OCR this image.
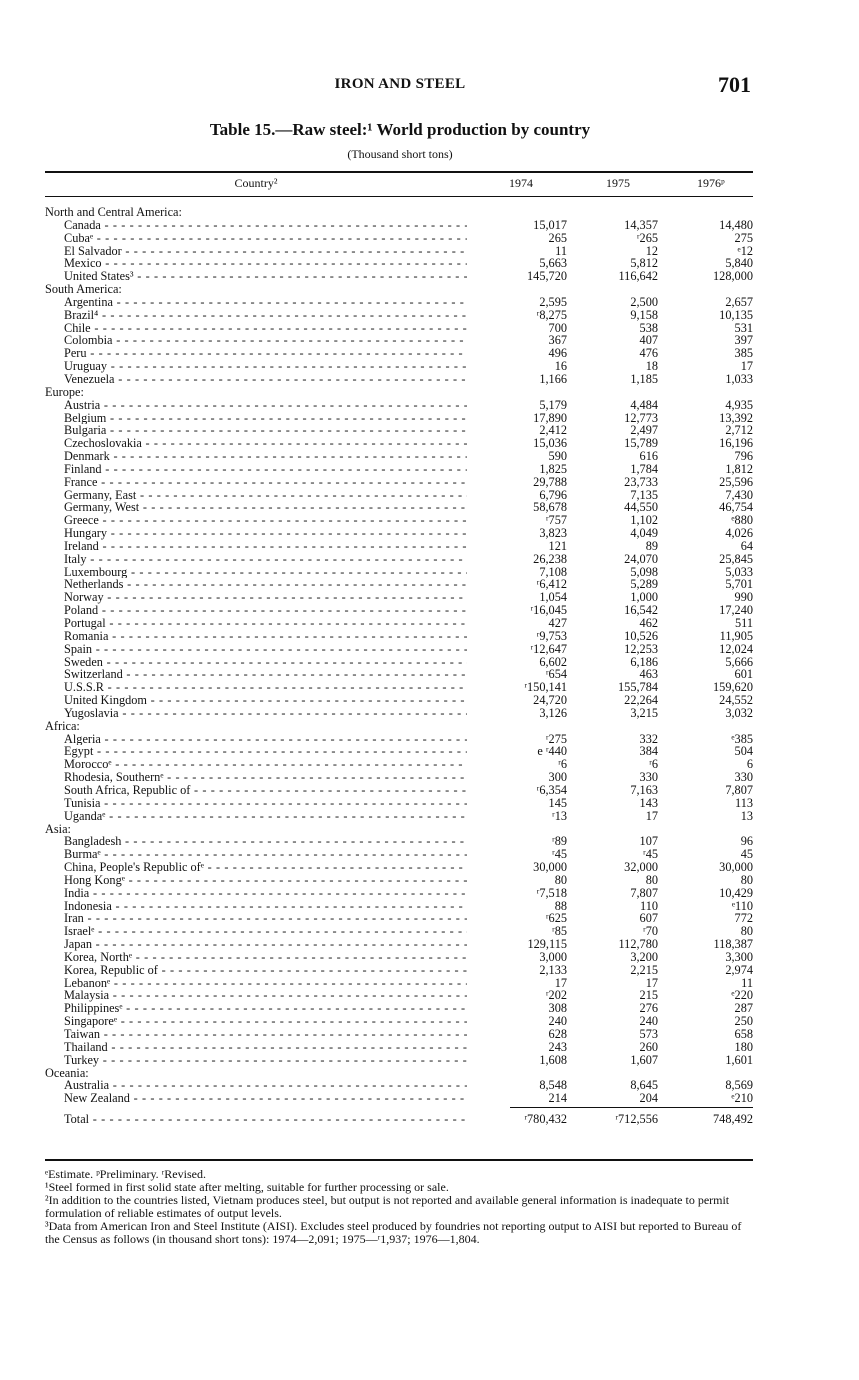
IRON AND STEEL	701
Table 15.—Raw steel:¹ World production by country
(Thousand short tons)
Country²	1974	1975	1976ᵖ
North and Central America:
Canada - - -	15,017	14,357	14,480
Cubaᵉ - - -	265	ʳ265	275
El Salvador - - -	11	12	ᵉ12
Mexico - - -	5,663	5,812	5,840
United States³ - - -	145,720	116,642	128,000
South America:
Argentina - - -	2,595	2,500	2,657
Brazil⁴ - - -	ʳ8,275	9,158	10,135
Chile - - -	700	538	531
Colombia - - -	367	407	397
Peru - - -	496	476	385
Uruguay - - -	16	18	17
Venezuela - - -	1,166	1,185	1,033
Europe:
Austria - - -	5,179	4,484	4,935
Belgium - - -	17,890	12,773	13,392
Bulgaria - - -	2,412	2,497	2,712
Czechoslovakia - - -	15,036	15,789	16,196
Denmark - - -	590	616	796
Finland - - -	1,825	1,784	1,812
France - - -	29,788	23,733	25,596
Germany, East - - -	6,796	7,135	7,430
Germany, West - - -	58,678	44,550	46,754
Greece - - -	ʳ757	1,102	ᵉ880
Hungary - - -	3,823	4,049	4,026
Ireland - - -	121	89	64
Italy - - -	26,238	24,070	25,845
Luxembourg - - -	7,108	5,098	5,033
Netherlands - - -	ʳ6,412	5,289	5,701
Norway - - -	1,054	1,000	990
Poland - - -	ʳ16,045	16,542	17,240
Portugal - - -	427	462	511
Romania - - -	ʳ9,753	10,526	11,905
Spain - - -	ʳ12,647	12,253	12,024
Sweden - - -	6,602	6,186	5,666
Switzerland - - -	ʳ654	463	601
U.S.S.R - - -	ʳ150,141	155,784	159,620
United Kingdom - - -	24,720	22,264	24,552
Yugoslavia - - -	3,126	3,215	3,032
Africa:
Algeria - - -	ʳ275	332	ᵉ385
Egypt - - -	e ʳ440	384	504
Moroccoᵉ - - -	ʳ6	ʳ6	6
Rhodesia, Southernᵉ - - -	300	330	330
South Africa, Republic of - - -	ʳ6,354	7,163	7,807
Tunisia - - -	145	143	113
Ugandaᵉ - - -	ʳ13	17	13
Asia:
Bangladesh - - -	ʳ89	107	96
Burmaᵉ - - -	ʳ45	ʳ45	45
China, People's Republic ofᵉ - - -	30,000	32,000	30,000
Hong Kongᵉ - - -	80	80	80
India - - -	ʳ7,518	7,807	10,429
Indonesia - - -	88	110	ᵉ110
Iran - - -	ʳ625	607	772
Israelᵉ - - -	ʳ85	ʳ70	80
Japan - - -	129,115	112,780	118,387
Korea, Northᵉ - - -	3,000	3,200	3,300
Korea, Republic of - - -	2,133	2,215	2,974
Lebanonᵉ - - -	17	17	11
Malaysia - - -	ʳ202	215	ᵉ220
Philippinesᵉ - - -	308	276	287
Singaporeᵉ - - -	240	240	250
Taiwan - - -	628	573	658
Thailand - - -	243	260	180
Turkey - - -	1,608	1,607	1,601
Oceania:
Australia - - -	8,548	8,645	8,569
New Zealand - - -	214	204	ᵉ210
Total - - -	ʳ780,432	ʳ712,556	748,492
ᵉEstimate. ᵖPreliminary. ʳRevised.
¹Steel formed in first solid state after melting, suitable for further processing or sale.
²In addition to the countries listed, Vietnam produces steel, but output is not reported and available general information is inadequate to permit formulation of reliable estimates of output levels.
³Data from American Iron and Steel Institute (AISI). Excludes steel produced by foundries not reporting output to AISI but reported to Bureau of the Census as follows (in thousand short tons): 1974—2,091; 1975—ʳ1,937; 1976—1,804.
